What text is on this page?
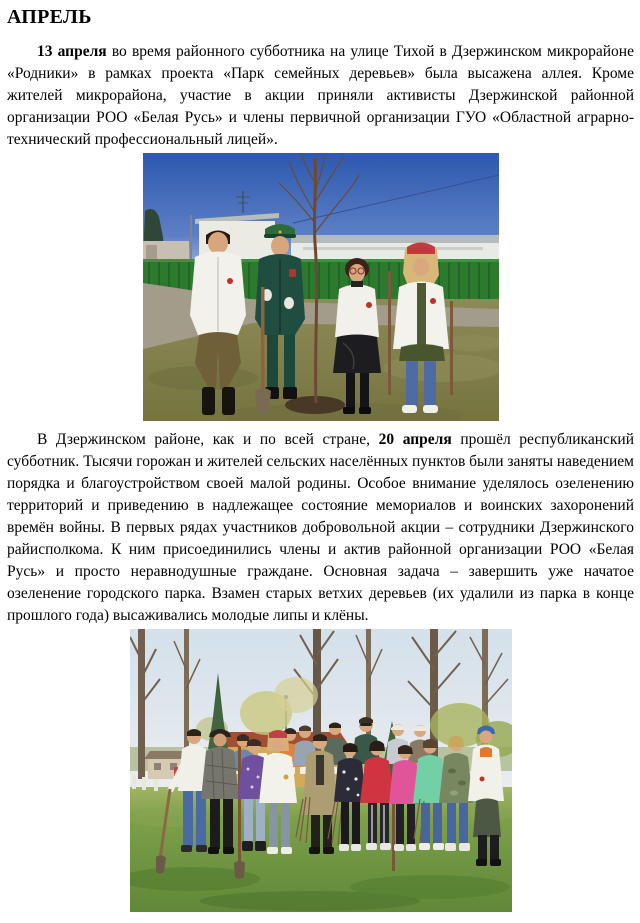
АПРЕЛЬ

13 апреля во время районного субботника на улице Тихой в Дзержинском микрорайоне «Родники» в рамках проекта «Парк семейных деревьев» была высажена аллея. Кроме жителей микрорайона, участие в акции приняли активисты Дзержинской районной организации РОО «Белая Русь» и члены первичной организации ГУО «Областной аграрно-технический профессиональный лицей».

В Дзержинском районе, как и по всей стране, 20 апреля прошёл республиканский субботник. Тысячи горожан и жителей сельских населённых пунктов были заняты наведением порядка и благоустройством своей малой родины. Особое внимание уделялось озеленению территорий и приведению в надлежащее состояние мемориалов и воинских захоронений времён войны. В первых рядах участников добровольной акции – сотрудники Дзержинского райисполкома. К ним присоединились члены и актив районной организации РОО «Белая Русь» и просто неравнодушные граждане. Основная задача – завершить уже начатое озеленение городского парка. Взамен старых ветхих деревьев (их удалили из парка в конце прошлого года) высаживались молодые липы и клёны.
